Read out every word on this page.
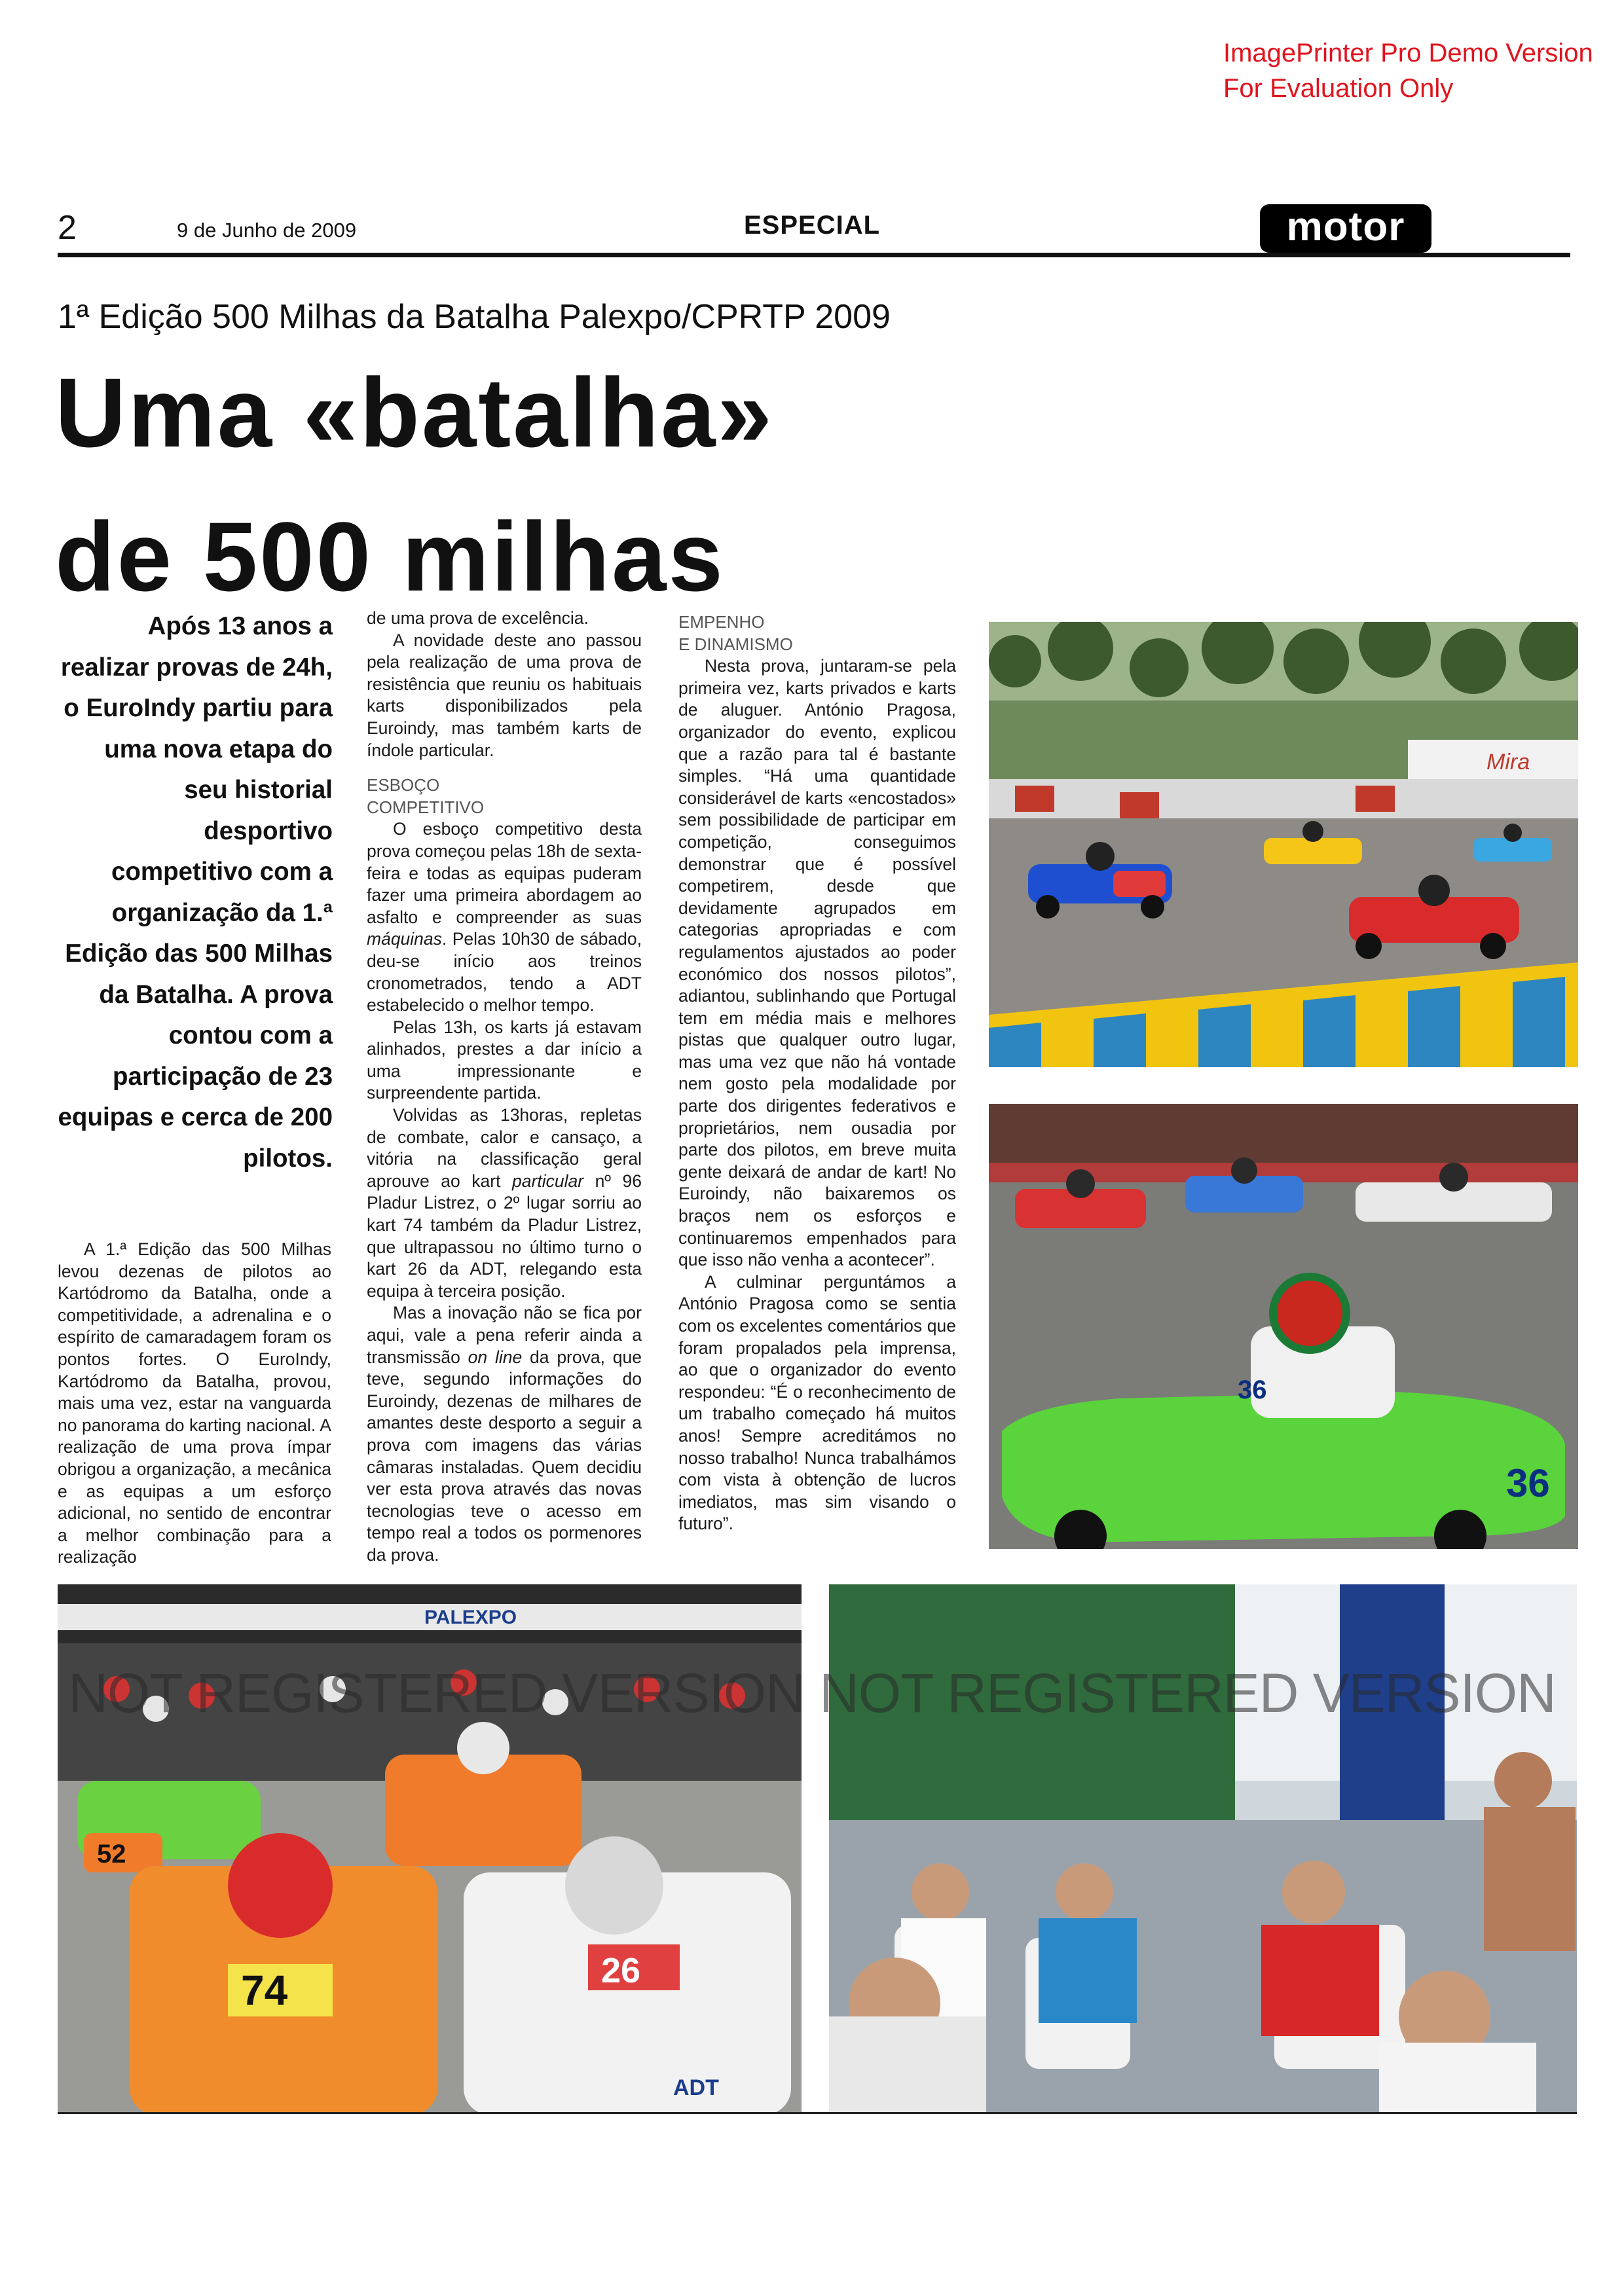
ImagePrinter Pro Demo Version
For Evaluation Only
2	9 de Junho de 2009	ESPECIAL	motor
1ª Edição 500 Milhas da Batalha Palexpo/CPRTP 2009
Uma «batalha»
de 500 milhas
Após 13 anos a realizar provas de 24h, o EuroIndy partiu para uma nova etapa do seu historial desportivo competitivo com a organização da 1.ª Edição das 500 Milhas da Batalha. A prova contou com a participação de 23 equipas e cerca de 200 pilotos.

A 1.ª Edição das 500 Milhas levou dezenas de pilotos ao Kartódromo da Batalha, onde a competitividade, a adrenalina e o espírito de camaradagem foram os pontos fortes. O EuroIndy, Kartódromo da Batalha, provou, mais uma vez, estar na vanguarda no panorama do karting nacional. A realização de uma prova ímpar obrigou a organização, a mecânica e as equipas a um esforço adicional, no sentido de encontrar a melhor combinação para a realização

de uma prova de excelência.

A novidade deste ano passou pela realização de uma prova de resistência que reuniu os habituais karts disponibilizados pela Euroindy, mas também karts de índole particular.

ESBOÇO
COMPETITIVO

O esboço competitivo desta prova começou pelas 18h de sexta-feira e todas as equipas puderam fazer uma primeira abordagem ao asfalto e compreender as suas máquinas. Pelas 10h30 de sábado, deu-se início aos treinos cronometrados, tendo a ADT estabelecido o melhor tempo.

Pelas 13h, os karts já estavam alinhados, prestes a dar início a uma impressionante e surpreendente partida.

Volvidas as 13horas, repletas de combate, calor e cansaço, a vitória na classificação geral aprouve ao kart particular nº 96 Pladur Listrez, o 2º lugar sorriu ao kart 74 também da Pladur Listrez, que ultrapassou no último turno o kart 26 da ADT, relegando esta equipa à terceira posição.

Mas a inovação não se fica por aqui, vale a pena referir ainda a transmissão on line da prova, que teve, segundo informações do Euroindy, dezenas de milhares de amantes deste desporto a seguir a prova com imagens das várias câmaras instaladas. Quem decidiu ver esta prova através das novas tecnologias teve o acesso em tempo real a todos os pormenores da prova.

EMPENHO
E DINAMISMO

Nesta prova, juntaram-se pela primeira vez, karts privados e karts de aluguer. António Pragosa, organizador do evento, explicou que a razão para tal é bastante simples. “Há uma quantidade considerável de karts «encostados» sem possibilidade de participar em competição, conseguimos demonstrar que é possível competirem, desde que devidamente agrupados em categorias apropriadas e com regulamentos ajustados ao poder económico dos nossos pilotos”, adiantou, sublinhando que Portugal tem em média mais e melhores pistas que qualquer outro lugar, mas uma vez que não há vontade nem gosto pela modalidade por parte dos dirigentes federativos e proprietários, nem ousadia por parte dos pilotos, em breve muita gente deixará de andar de kart! No Euroindy, não baixaremos os braços nem os esforços e continuaremos empenhados para que isso não venha a acontecer”.

A culminar perguntámos a António Pragosa como se sentia com os excelentes comentários que foram propalados pela imprensa, ao que o organizador do evento respondeu: “É o reconhecimento de um trabalho começado há muitos anos! Sempre acreditámos no nosso trabalho! Nunca trabalhámos com vista à obtenção de lucros imediatos, mas sim visando o futuro”.

Mira
36
36
PALEXPO
52
74	26
ADT
NOT REGISTERED VERSION NOT REGISTERED VERSION
